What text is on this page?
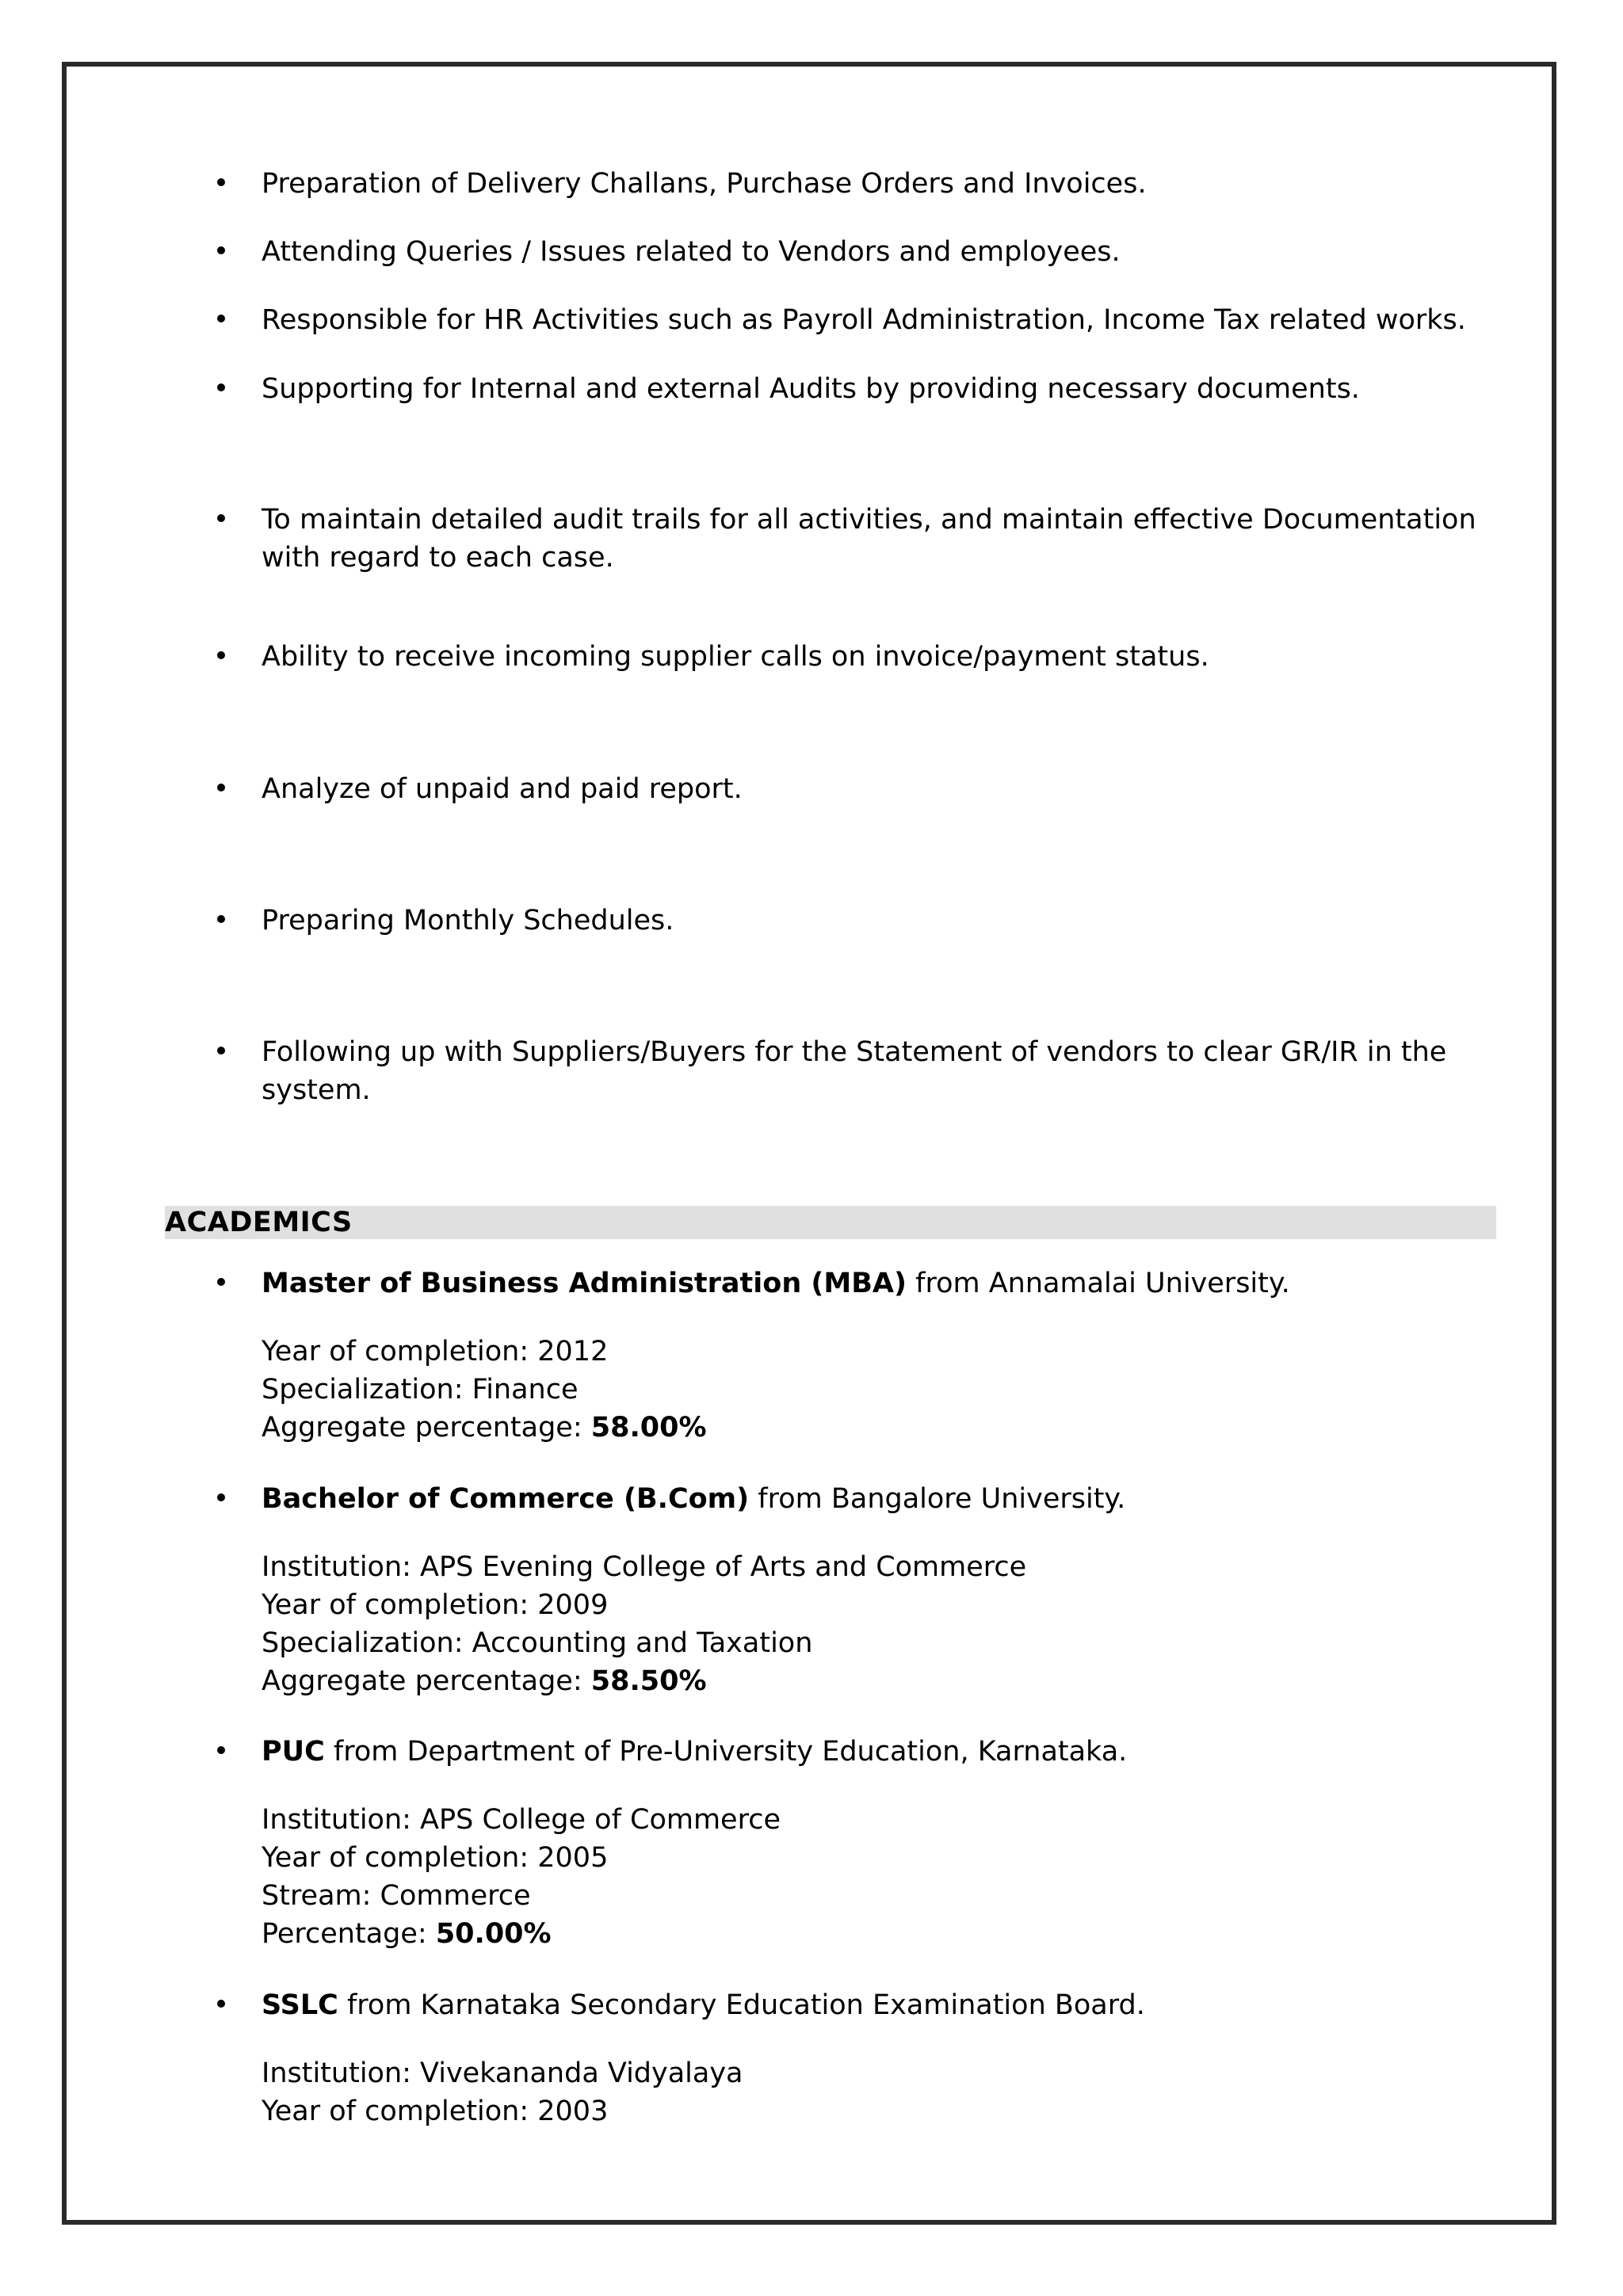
Preparation of Delivery Challans, Purchase Orders and Invoices.
Attending Queries / Issues related to Vendors and employees.
Responsible for HR Activities such as Payroll Administration, Income Tax related works.
Supporting for Internal and external Audits by providing necessary documents.
To maintain detailed audit trails for all activities, and maintain effective Documentation
with regard to each case.
Ability to receive incoming supplier calls on invoice/payment status.
Analyze of unpaid and paid report.
Preparing Monthly Schedules.
Following up with Suppliers/Buyers for the Statement of vendors to clear GR/IR in the
system.
ACADEMICS
Master of Business Administration (MBA) from Annamalai University.
Year of completion: 2012
Specialization: Finance
Aggregate percentage: 58.00%
Bachelor of Commerce (B.Com) from Bangalore University.
Institution: APS Evening College of Arts and Commerce
Year of completion: 2009
Specialization: Accounting and Taxation
Aggregate percentage: 58.50%
PUC from Department of Pre-University Education, Karnataka.
Institution: APS College of Commerce
Year of completion: 2005
Stream: Commerce
Percentage: 50.00%
SSLC from Karnataka Secondary Education Examination Board.
Institution: Vivekananda Vidyalaya
Year of completion: 2003
